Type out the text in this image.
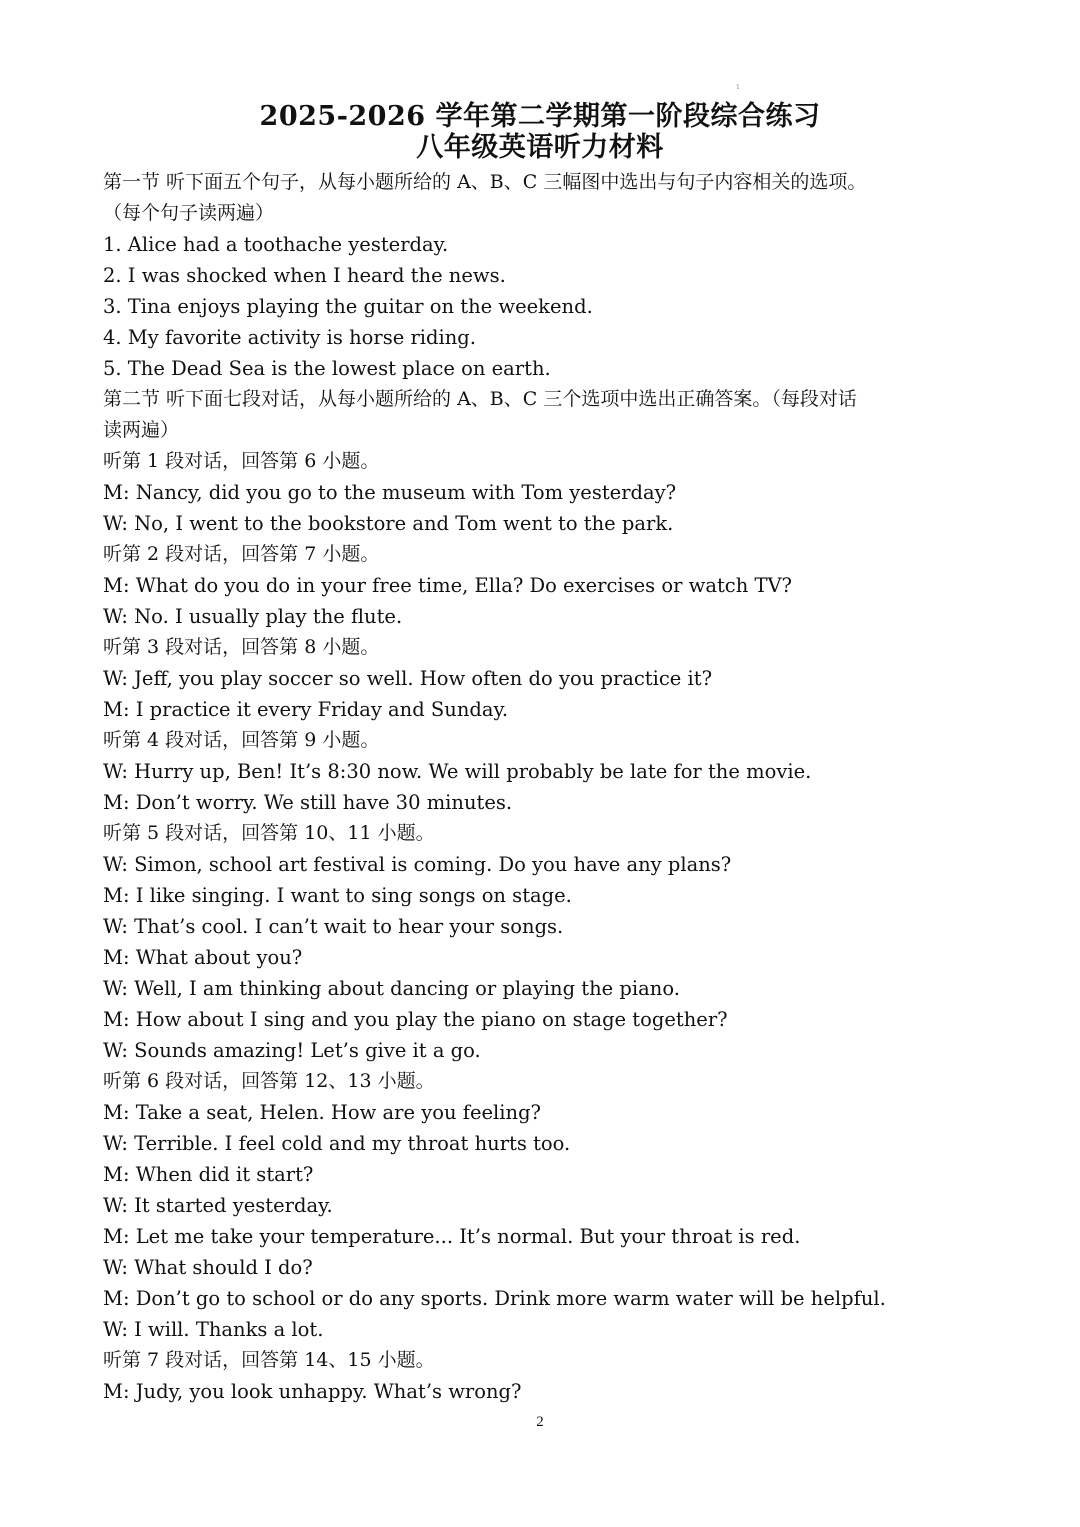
1
2025-2026 学年第二学期第一阶段综合练习
八年级英语听力材料
第一节 听下面五个句子，从每小题所给的 A、B、C 三幅图中选出与句子内容相关的选项。
（每个句子读两遍）
1. Alice had a toothache yesterday.
2. I was shocked when I heard the news.
3. Tina enjoys playing the guitar on the weekend.
4. My favorite activity is horse riding.
5. The Dead Sea is the lowest place on earth.
第二节 听下面七段对话，从每小题所给的 A、B、C 三个选项中选出正确答案。（每段对话
读两遍）
听第 1 段对话，回答第 6 小题。
M: Nancy, did you go to the museum with Tom yesterday?
W: No, I went to the bookstore and Tom went to the park.
听第 2 段对话，回答第 7 小题。
M: What do you do in your free time, Ella? Do exercises or watch TV?
W: No. I usually play the flute.
听第 3 段对话，回答第 8 小题。
W: Jeff, you play soccer so well. How often do you practice it?
M: I practice it every Friday and Sunday.
听第 4 段对话，回答第 9 小题。
W: Hurry up, Ben! It’s 8:30 now. We will probably be late for the movie.
M: Don’t worry. We still have 30 minutes.
听第 5 段对话，回答第 10、11 小题。
W: Simon, school art festival is coming. Do you have any plans?
M: I like singing. I want to sing songs on stage.
W: That’s cool. I can’t wait to hear your songs.
M: What about you?
W: Well, I am thinking about dancing or playing the piano.
M: How about I sing and you play the piano on stage together?
W: Sounds amazing! Let’s give it a go.
听第 6 段对话，回答第 12、13 小题。
M: Take a seat, Helen. How are you feeling?
W: Terrible. I feel cold and my throat hurts too.
M: When did it start?
W: It started yesterday.
M: Let me take your temperature... It’s normal. But your throat is red.
W: What should I do?
M: Don’t go to school or do any sports. Drink more warm water will be helpful.
W: I will. Thanks a lot.
听第 7 段对话，回答第 14、15 小题。
M: Judy, you look unhappy. What’s wrong?
2
